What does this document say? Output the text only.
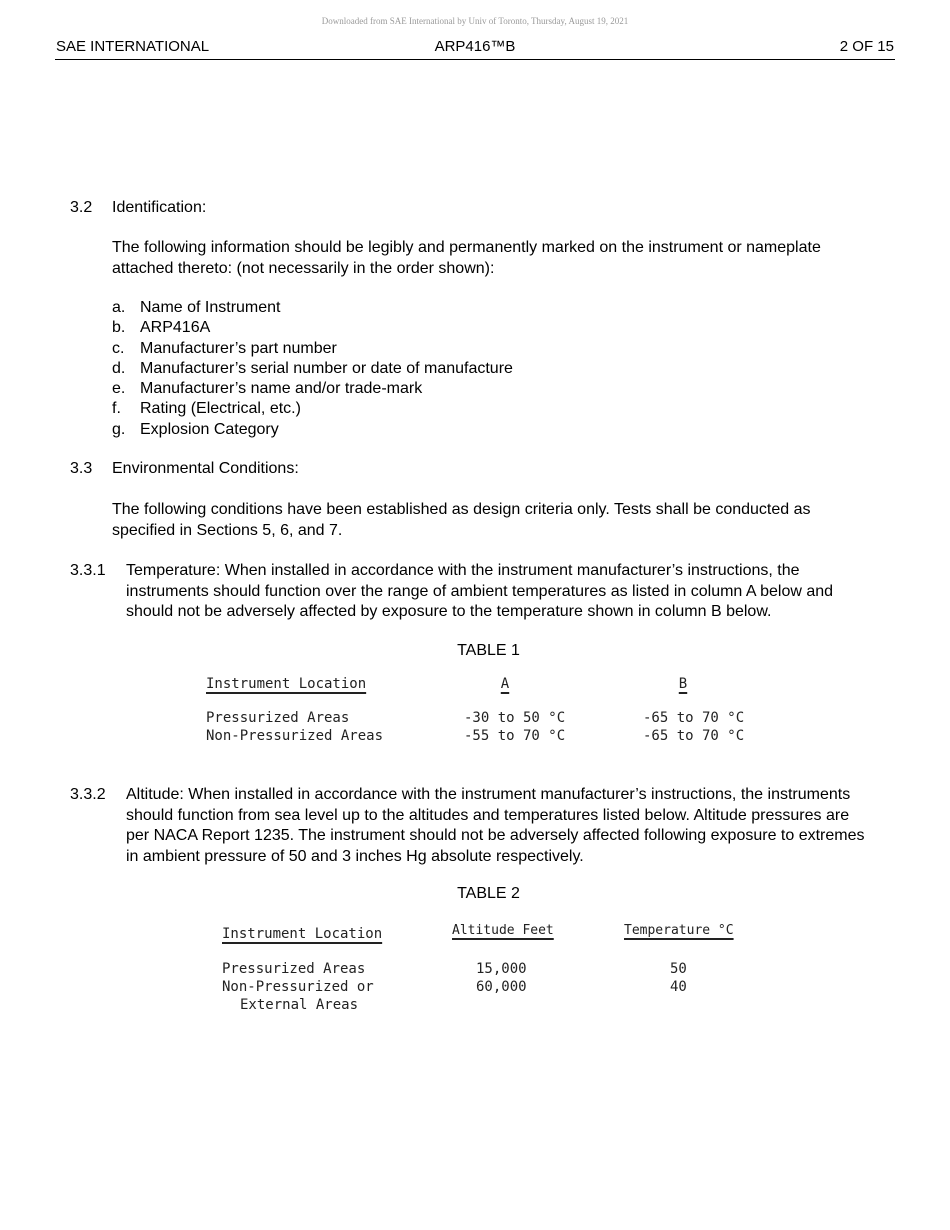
Downloaded from SAE International by Univ of Toronto, Thursday, August 19, 2021
SAE INTERNATIONAL	ARP416™B	2 OF 15
3.2 Identification:
The following information should be legibly and permanently marked on the instrument or nameplate attached thereto: (not necessarily in the order shown):
a. Name of Instrument
b. ARP416A
c. Manufacturer’s part number
d. Manufacturer’s serial number or date of manufacture
e. Manufacturer’s name and/or trade-mark
f. Rating (Electrical, etc.)
g. Explosion Category
3.3 Environmental Conditions:
The following conditions have been established as design criteria only. Tests shall be conducted as specified in Sections 5, 6, and 7.
3.3.1 Temperature: When installed in accordance with the instrument manufacturer’s instructions, the instruments should function over the range of ambient temperatures as listed in column A below and should not be adversely affected by exposure to the temperature shown in column B below.
TABLE 1
Instrument Location	A	B
Pressurized Areas	-30 to 50 °C	-65 to 70 °C
Non-Pressurized Areas	-55 to 70 °C	-65 to 70 °C
3.3.2 Altitude: When installed in accordance with the instrument manufacturer’s instructions, the instruments should function from sea level up to the altitudes and temperatures listed below. Altitude pressures are per NACA Report 1235. The instrument should not be adversely affected following exposure to extremes in ambient pressure of 50 and 3 inches Hg absolute respectively.
TABLE 2
Instrument Location	Altitude Feet	Temperature °C
Pressurized Areas	15,000	50
Non-Pressurized or	60,000	40
External Areas
